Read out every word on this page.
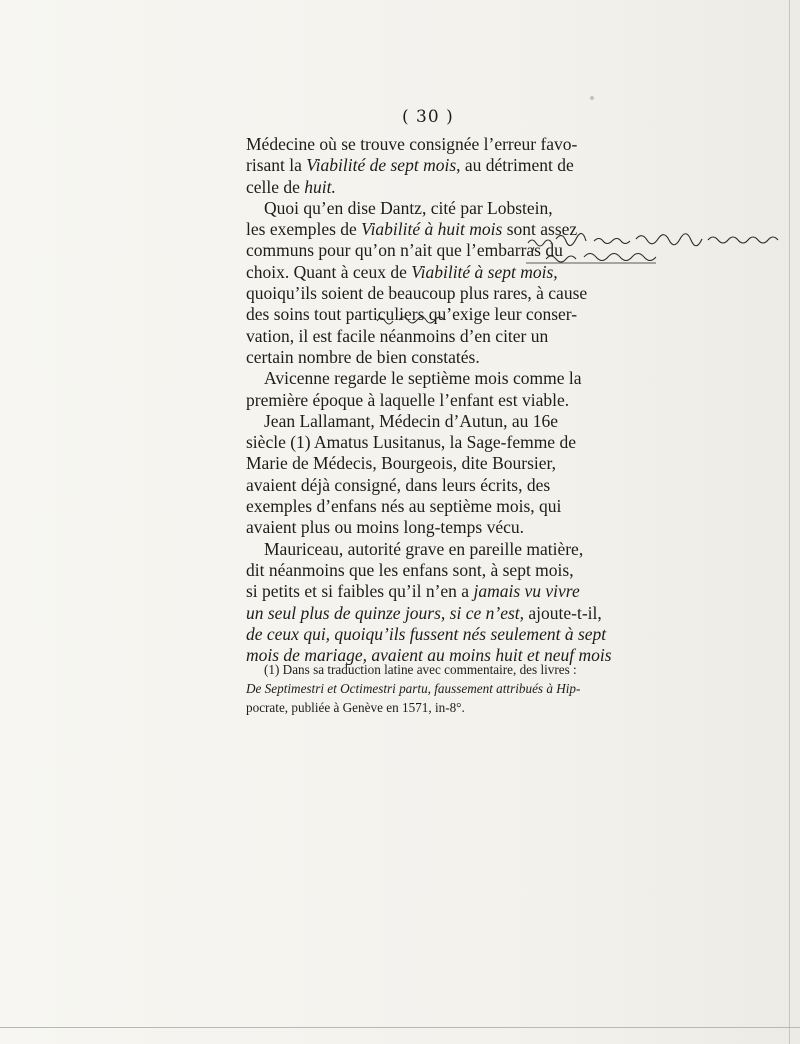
( 30 )
Médecine où se trouve consignée l’erreur favo-
risant la Viabilité de sept mois, au détriment de
celle de huit.
Quoi qu’en dise Dantz, cité par Lobstein,
les exemples de Viabilité à huit mois sont assez
communs pour qu’on n’ait que l’embarras du
choix. Quant à ceux de Viabilité à sept mois,
quoiqu’ils soient de beaucoup plus rares, à cause
des soins tout particuliers qu’exige leur conser-
vation, il est facile néanmoins d’en citer un
certain nombre de bien constatés.
Avicenne regarde le septième mois comme la
première époque à laquelle l’enfant est viable.
Jean Lallamant, Médecin d’Autun, au 16e
siècle (1) Amatus Lusitanus, la Sage-femme de
Marie de Médecis, Bourgeois, dite Boursier,
avaient déjà consigné, dans leurs écrits, des
exemples d’enfans nés au septième mois, qui
avaient plus ou moins long-temps vécu.
Mauriceau, autorité grave en pareille matière,
dit néanmoins que les enfans sont, à sept mois,
si petits et si faibles qu’il n’en a jamais vu vivre
un seul plus de quinze jours, si ce n’est, ajoute-t-il,
de ceux qui, quoiqu’ils fussent nés seulement à sept
mois de mariage, avaient au moins huit et neuf mois
(1) Dans sa traduction latine avec commentaire, des livres :
De Septimestri et Octimestri partu, faussement attribués à Hip-
pocrate, publiée à Genève en 1571, in-8°.
